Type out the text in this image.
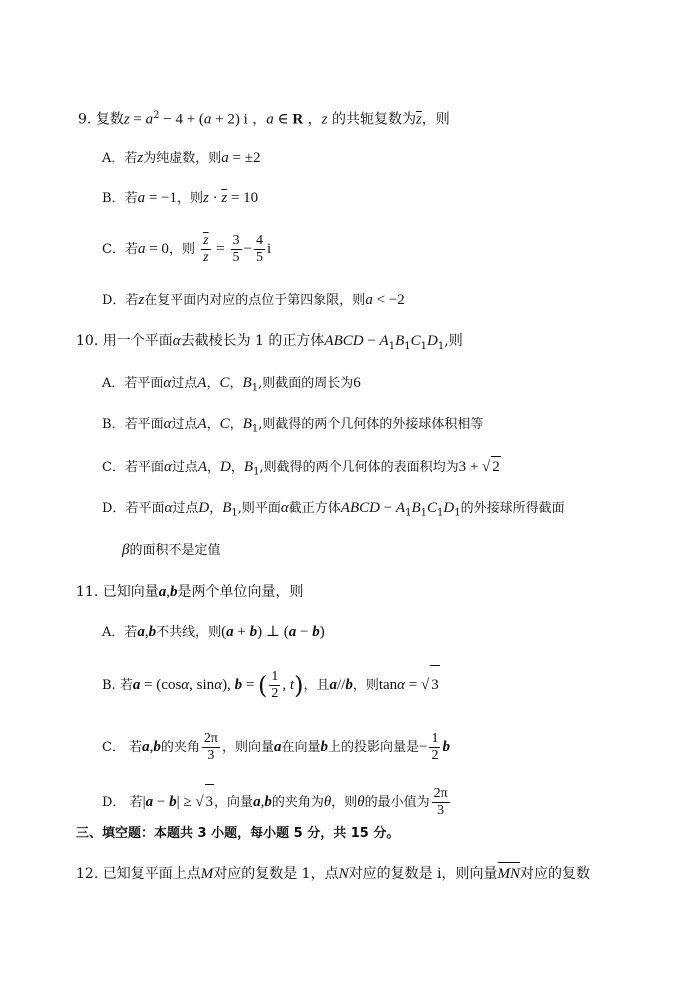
9. 复数$z = a^2 - 4 + (a + 2)$ i ，a ∈ R ，z 的共轭复数为$\overline{z}$，则
A．若z为纯虚数，则a = ±2
B．若a = −1，则$z \cdot \overline{z} = 10$
C．若a = 0，则 $\frac{\overline{z}}{z} = \frac{3}{5} - \frac{4}{5}$ i
D．若z在复平面内对应的点位于第四象限，则a < −2
10. 用一个平面α去截棱长为 1 的正方体ABCD − $A_1B_1C_1D_1$,则
A．若平面α过点A，C，$B_1$,则截面的周长为6
B．若平面α过点A，C，$B_1$,则截得的两个几何体的外接球体积相等
C．若平面α过点A，D，$B_1$,则截得的两个几何体的表面积均为3 + √ 2
D．若平面α过点D，$B_1$,则平面α截正方体ABCD − $A_1B_1C_1D_1$的外接球所得截面
β的面积不是定值
11. 已知向量a,b是两个单位向量，则
A．若a,b不共线，则(a + b) ⊥ (a − b)
B. 若a = (cosα, sinα), b = ( $\frac{1}{2}$ , t)，且a//b，则tanα = √ 3
C． 若a,b的夹角 $\frac{2\pi}{3}$ ，则向量a在向量b上的投影向量是− $\frac{1}{2}$ b
D． 若|a − b| ≥ √ 3，向量a,b的夹角为θ，则θ的最小值为 $\frac{2\pi}{3}$
三、填空题：本题共 3 小题，每小题 5 分，共 15 分。
12. 已知复平面上点M对应的复数是 1，点N对应的复数是 i，则向量MN

对应的复数
